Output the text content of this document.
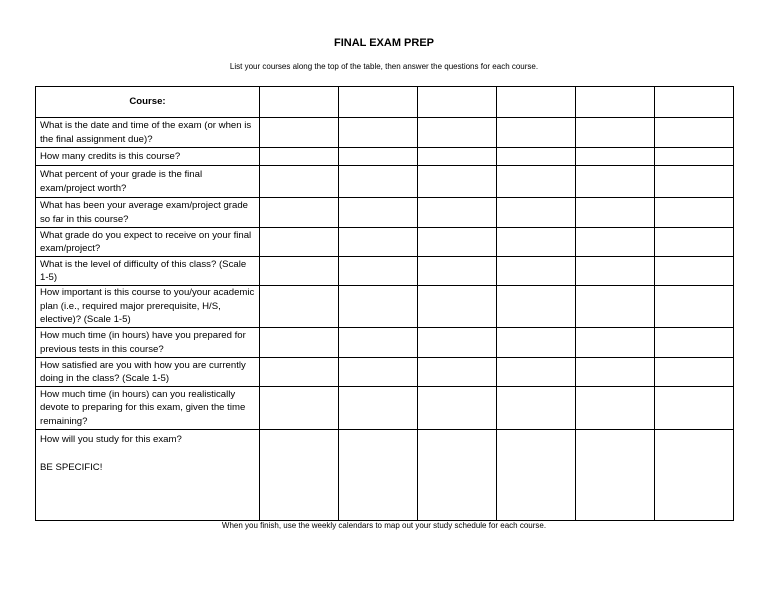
FINAL EXAM PREP
List your courses along the top of the table, then answer the questions for each course.
Course:						
What is the date and time of the exam (or when is the final assignment due)?						
How many credits is this course?						
What percent of your grade is the final exam/project worth?						
What has been your average exam/project grade so far in this course?						
What grade do you expect to receive on your final exam/project?						
What is the level of difficulty of this class? (Scale 1-5)						
How important is this course to you/your academic plan (i.e., required major prerequisite, H/S, elective)? (Scale 1-5)						
How much time (in hours) have you prepared for previous tests in this course?						
How satisfied are you with how you are currently doing in the class? (Scale 1-5)						
How much time (in hours) can you realistically devote to preparing for this exam, given the time remaining?						
How will you study for this exam?
BE SPECIFIC!						

When you finish, use the weekly calendars to map out your study schedule for each course.
